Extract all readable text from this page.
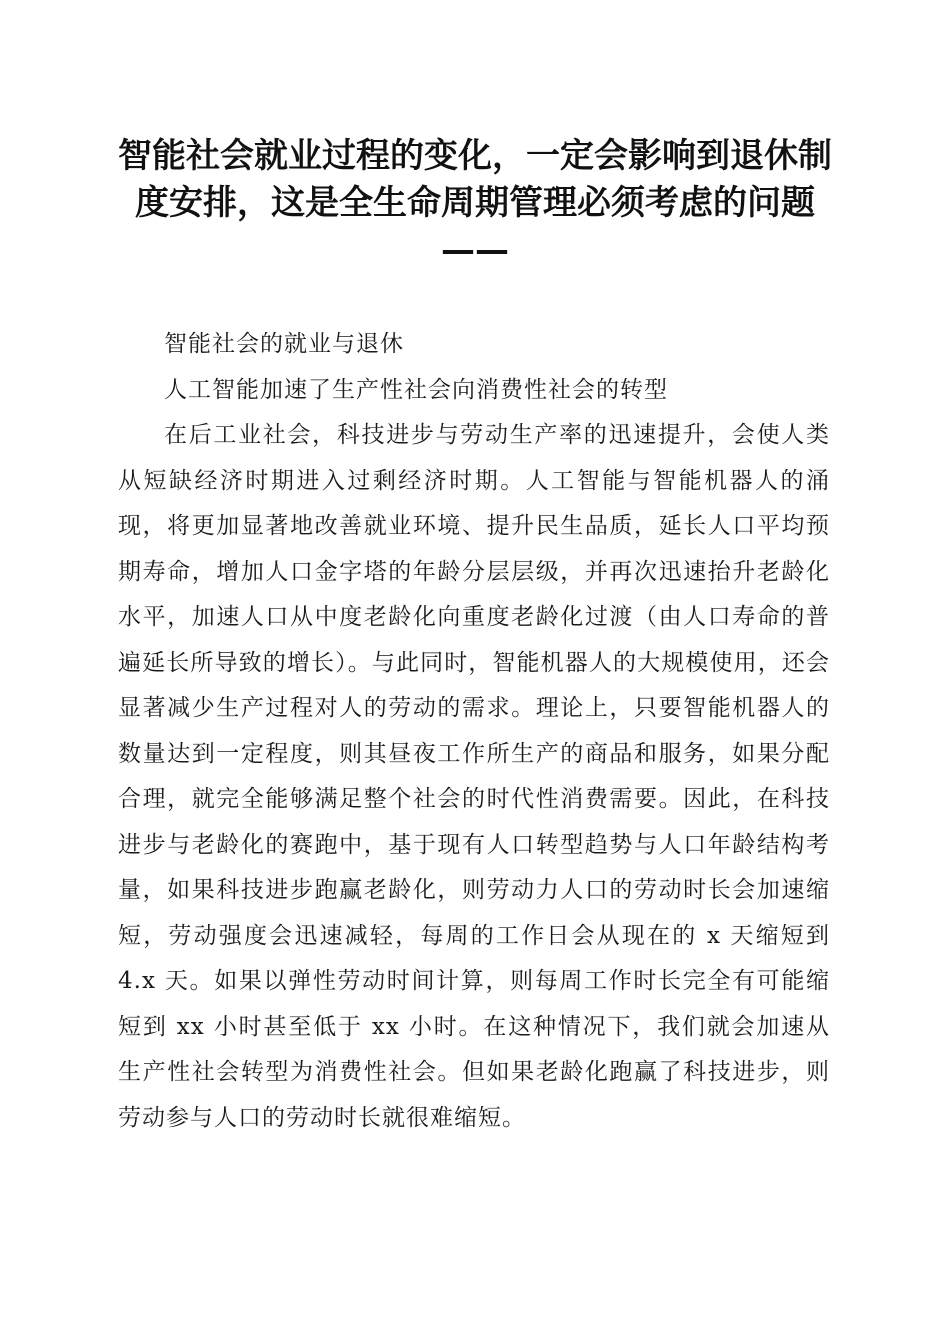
智能社会就业过程的变化，一定会影响到退休制度安排，这是全生命周期管理必须考虑的问题——

智能社会的就业与退休

人工智能加速了生产性社会向消费性社会的转型

在后工业社会，科技进步与劳动生产率的迅速提升，会使人类从短缺经济时期进入过剩经济时期。人工智能与智能机器人的涌现，将更加显著地改善就业环境、提升民生品质，延长人口平均预期寿命，增加人口金字塔的年龄分层层级，并再次迅速抬升老龄化水平，加速人口从中度老龄化向重度老龄化过渡（由人口寿命的普遍延长所导致的增长）。与此同时，智能机器人的大规模使用，还会显著减少生产过程对人的劳动的需求。理论上，只要智能机器人的数量达到一定程度，则其昼夜工作所生产的商品和服务，如果分配合理，就完全能够满足整个社会的时代性消费需要。因此，在科技进步与老龄化的赛跑中，基于现有人口转型趋势与人口年龄结构考量，如果科技进步跑赢老龄化，则劳动力人口的劳动时长会加速缩短，劳动强度会迅速减轻，每周的工作日会从现在的 x 天缩短到 4.x 天。如果以弹性劳动时间计算，则每周工作时长完全有可能缩短到 xx 小时甚至低于 xx 小时。在这种情况下，我们就会加速从生产性社会转型为消费性社会。但如果老龄化跑赢了科技进步，则劳动参与人口的劳动时长就很难缩短。
